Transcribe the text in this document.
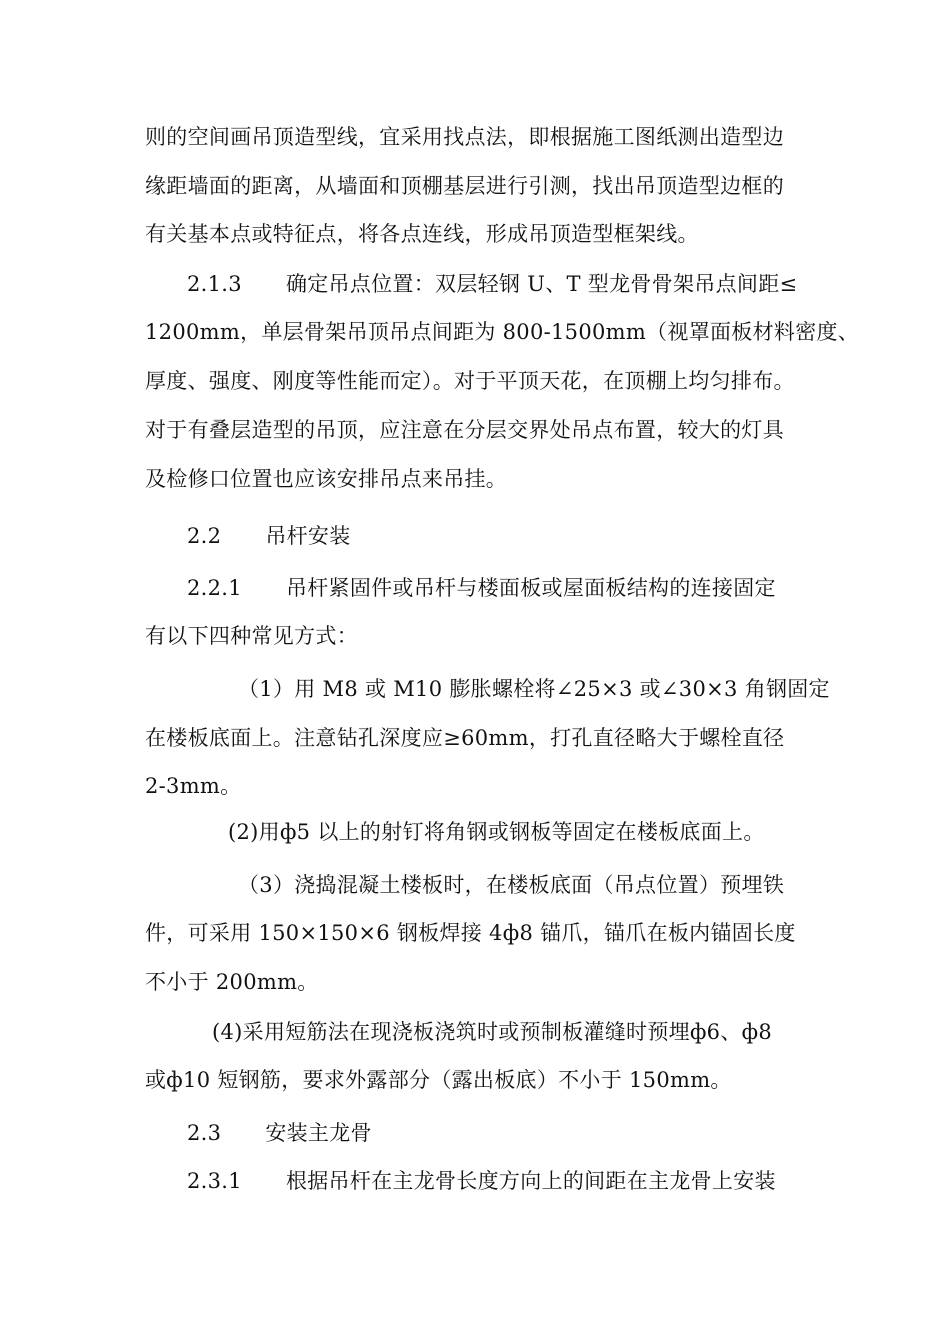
则的空间画吊顶造型线，宜采用找点法，即根据施工图纸测出造型边
缘距墙面的距离，从墙面和顶棚基层进行引测，找出吊顶造型边框的
有关基本点或特征点，将各点连线，形成吊顶造型框架线。
2.1.3 确定吊点位置：双层轻钢 U、T 型龙骨骨架吊点间距≤
1200mm，单层骨架吊顶吊点间距为 800-1500mm（视罩面板材料密度、
厚度、强度、刚度等性能而定）。对于平顶天花，在顶棚上均匀排布。
对于有叠层造型的吊顶，应注意在分层交界处吊点布置，较大的灯具
及检修口位置也应该安排吊点来吊挂。
2.2 吊杆安装
2.2.1 吊杆紧固件或吊杆与楼面板或屋面板结构的连接固定
有以下四种常见方式：
（1）用 M8 或 M10 膨胀螺栓将∠25×3 或∠30×3 角钢固定
在楼板底面上。注意钻孔深度应≥60mm，打孔直径略大于螺栓直径
2-3mm。
(2)用ф5 以上的射钉将角钢或钢板等固定在楼板底面上。
（3）浇捣混凝土楼板时，在楼板底面（吊点位置）预埋铁
件，可采用 150×150×6 钢板焊接 4ф8 锚爪，锚爪在板内锚固长度
不小于 200mm。
(4)采用短筋法在现浇板浇筑时或预制板灌缝时预埋ф6、ф8
或ф10 短钢筋，要求外露部分（露出板底）不小于 150mm。
2.3 安装主龙骨
2.3.1 根据吊杆在主龙骨长度方向上的间距在主龙骨上安装
